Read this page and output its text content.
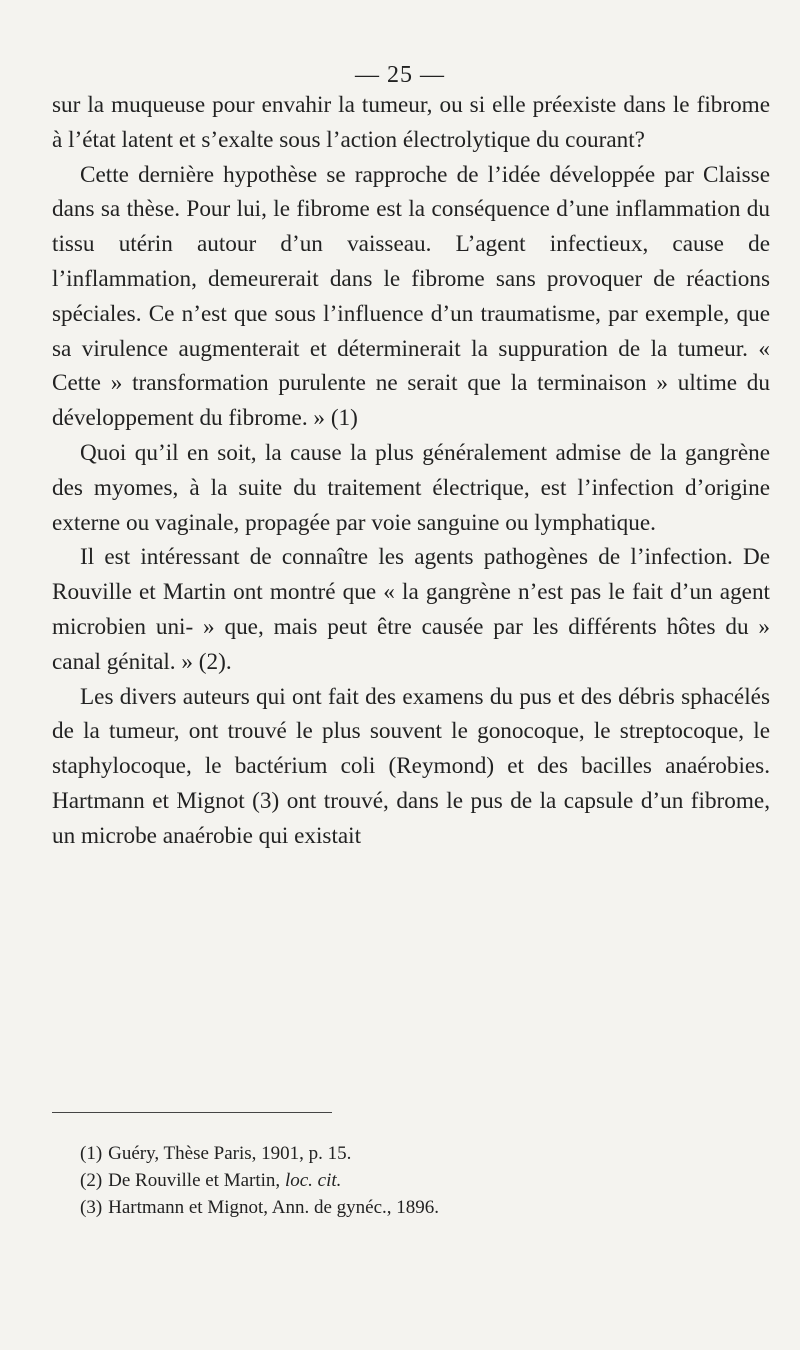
— 25 —

sur la muqueuse pour envahir la tumeur, ou si elle préexiste dans le fibrome à l’état latent et s’exalte sous l’action électrolytique du courant?

Cette dernière hypothèse se rapproche de l’idée développée par Claisse dans sa thèse. Pour lui, le fibrome est la conséquence d’une inflammation du tissu utérin autour d’un vaisseau. L’agent infectieux, cause de l’inflammation, demeurerait dans le fibrome sans provoquer de réactions spéciales. Ce n’est que sous l’influence d’un traumatisme, par exemple, que sa virulence augmenterait et déterminerait la suppuration de la tumeur. « Cette » transformation purulente ne serait que la terminaison » ultime du développement du fibrome. » (1)

Quoi qu’il en soit, la cause la plus généralement admise de la gangrène des myomes, à la suite du traitement électrique, est l’infection d’origine externe ou vaginale, propagée par voie sanguine ou lymphatique.

Il est intéressant de connaître les agents pathogènes de l’infection. De Rouville et Martin ont montré que « la gangrène n’est pas le fait d’un agent microbien uni- » que, mais peut être causée par les différents hôtes du » canal génital. » (2).

Les divers auteurs qui ont fait des examens du pus et des débris sphacélés de la tumeur, ont trouvé le plus souvent le gonocoque, le streptocoque, le staphylocoque, le bactérium coli (Reymond) et des bacilles anaérobies. Hartmann et Mignot (3) ont trouvé, dans le pus de la capsule d’un fibrome, un microbe anaérobie qui existait

(1) Guéry, Thèse Paris, 1901, p. 15.
(2) De Rouville et Martin, loc. cit.
(3) Hartmann et Mignot, Ann. de gynéc., 1896.
